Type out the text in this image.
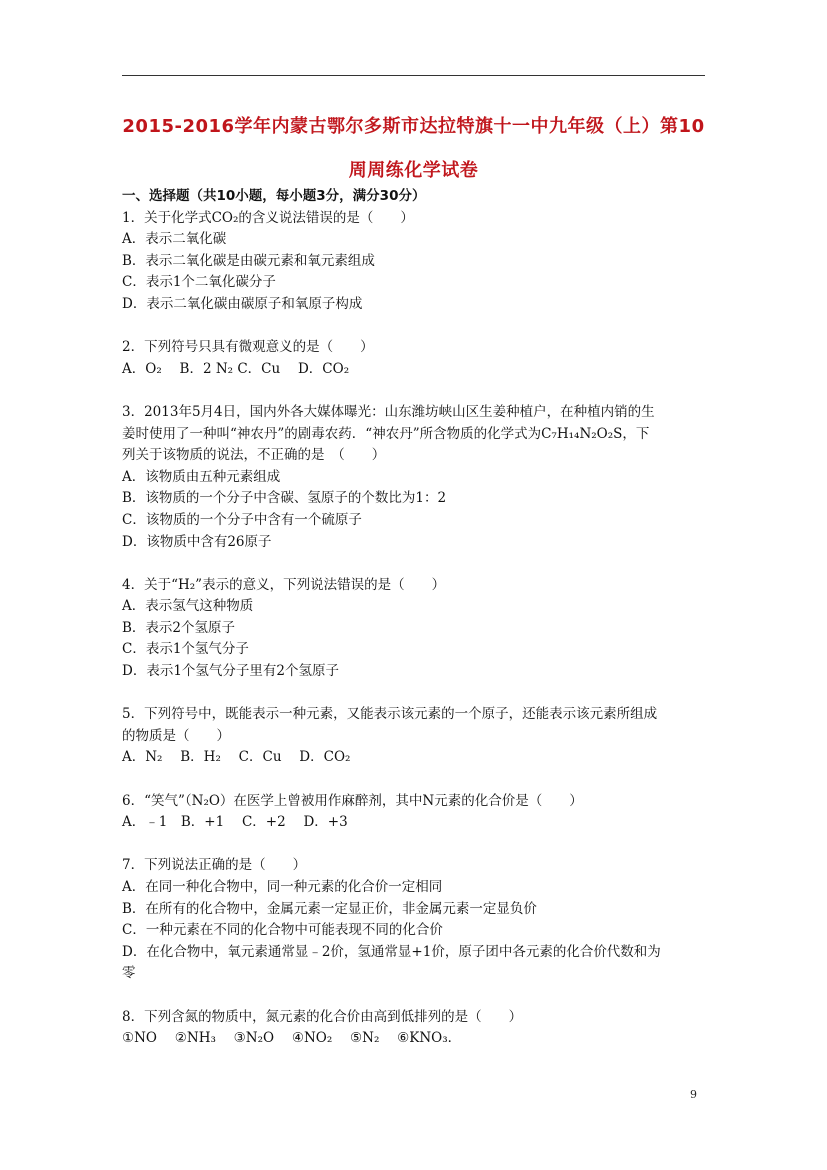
2015-2016学年内蒙古鄂尔多斯市达拉特旗十一中九年级（上）第10
周周练化学试卷

一、选择题（共10小题，每小题3分，满分30分）

1．关于化学式CO₂的含义说法错误的是（　　）

A．表示二氧化碳

B．表示二氧化碳是由碳元素和氧元素组成

C．表示1个二氧化碳分子

D．表示二氧化碳由碳原子和氧原子构成

2．下列符号只具有微观意义的是（　　）

A．O₂　 B．2 N₂ C．Cu　 D．CO₂

3．2013年5月4日，国内外各大媒体曝光：山东潍坊峡山区生姜种植户，在种植内销的生

姜时使用了一种叫“神农丹”的剧毒农药．“神农丹”所含物质的化学式为C₇H₁₄N₂O₂S，下

列关于该物质的说法，不正确的是　（　　）

A．该物质由五种元素组成

B．该物质的一个分子中含碳、氢原子的个数比为1：2

C．该物质的一个分子中含有一个硫原子

D．该物质中含有26原子

4．关于“H₂”表示的意义，下列说法错误的是（　　）

A．表示氢气这种物质

B．表示2个氢原子

C．表示1个氢气分子

D．表示1个氢气分子里有2个氢原子

5．下列符号中，既能表示一种元素，又能表示该元素的一个原子，还能表示该元素所组成

的物质是（　　）

A．N₂　 B．H₂　 C．Cu　 D．CO₂

6．“笑气”（N₂O）在医学上曾被用作麻醉剂，其中N元素的化合价是（　　）

A．﹣1　B．+1　 C．+2　 D．+3

7．下列说法正确的是（　　）

A．在同一种化合物中，同一种元素的化合价一定相同

B．在所有的化合物中，金属元素一定显正价，非金属元素一定显负价

C．一种元素在不同的化合物中可能表现不同的化合价

D．在化合物中，氧元素通常显﹣2价，氢通常显+1价，原子团中各元素的化合价代数和为

零

8．下列含氮的物质中，氮元素的化合价由高到低排列的是（　　）

①NO　 ②NH₃　 ③N₂O　 ④NO₂　 ⑤N₂　 ⑥KNO₃．

9
